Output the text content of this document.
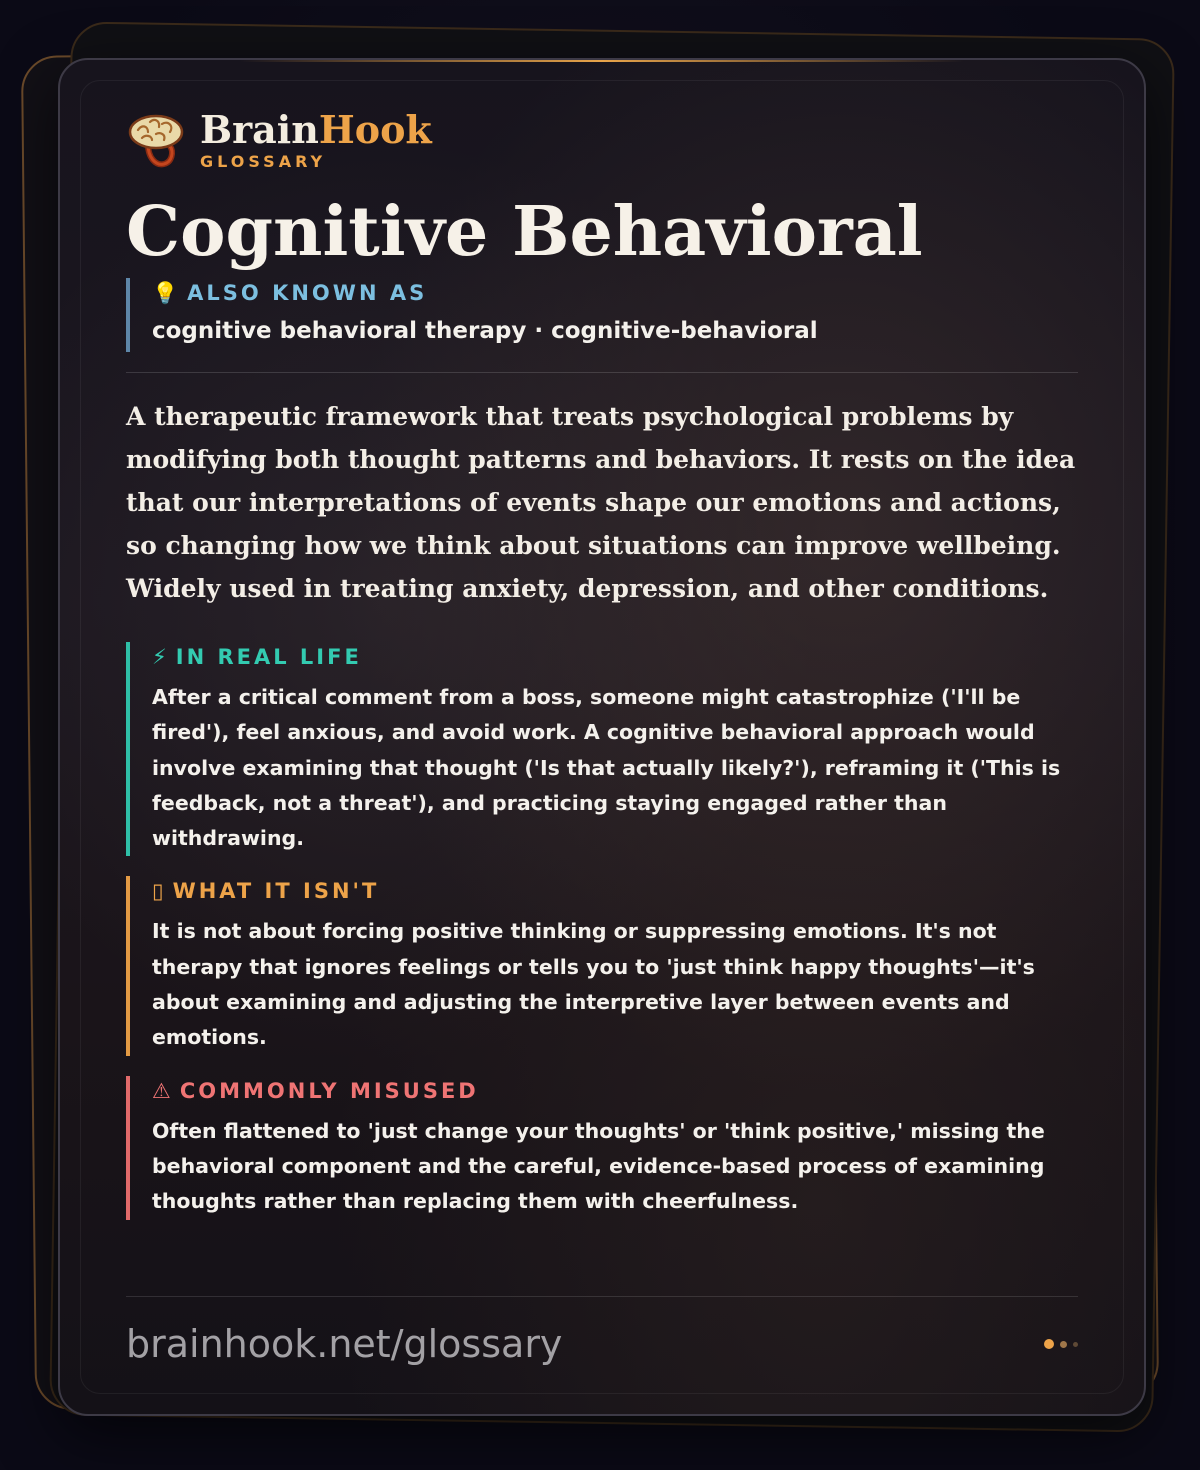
BrainHook
GLOSSARY
Cognitive Behavioral
💡 ALSO KNOWN AS
cognitive behavioral therapy · cognitive-behavioral
A therapeutic framework that treats psychological problems by modifying both thought patterns and behaviors. It rests on the idea that our interpretations of events shape our emotions and actions, so changing how we think about situations can improve wellbeing. Widely used in treating anxiety, depression, and other conditions.
⚡ IN REAL LIFE
After a critical comment from a boss, someone might catastrophize ('I'll be fired'), feel anxious, and avoid work. A cognitive behavioral approach would involve examining that thought ('Is that actually likely?'), reframing it ('This is feedback, not a threat'), and practicing staying engaged rather than withdrawing.
▯ WHAT IT ISN'T
It is not about forcing positive thinking or suppressing emotions. It's not therapy that ignores feelings or tells you to 'just think happy thoughts'—it's about examining and adjusting the interpretive layer between events and emotions.
⚠ COMMONLY MISUSED
Often flattened to 'just change your thoughts' or 'think positive,' missing the behavioral component and the careful, evidence-based process of examining thoughts rather than replacing them with cheerfulness.
brainhook.net/glossary
